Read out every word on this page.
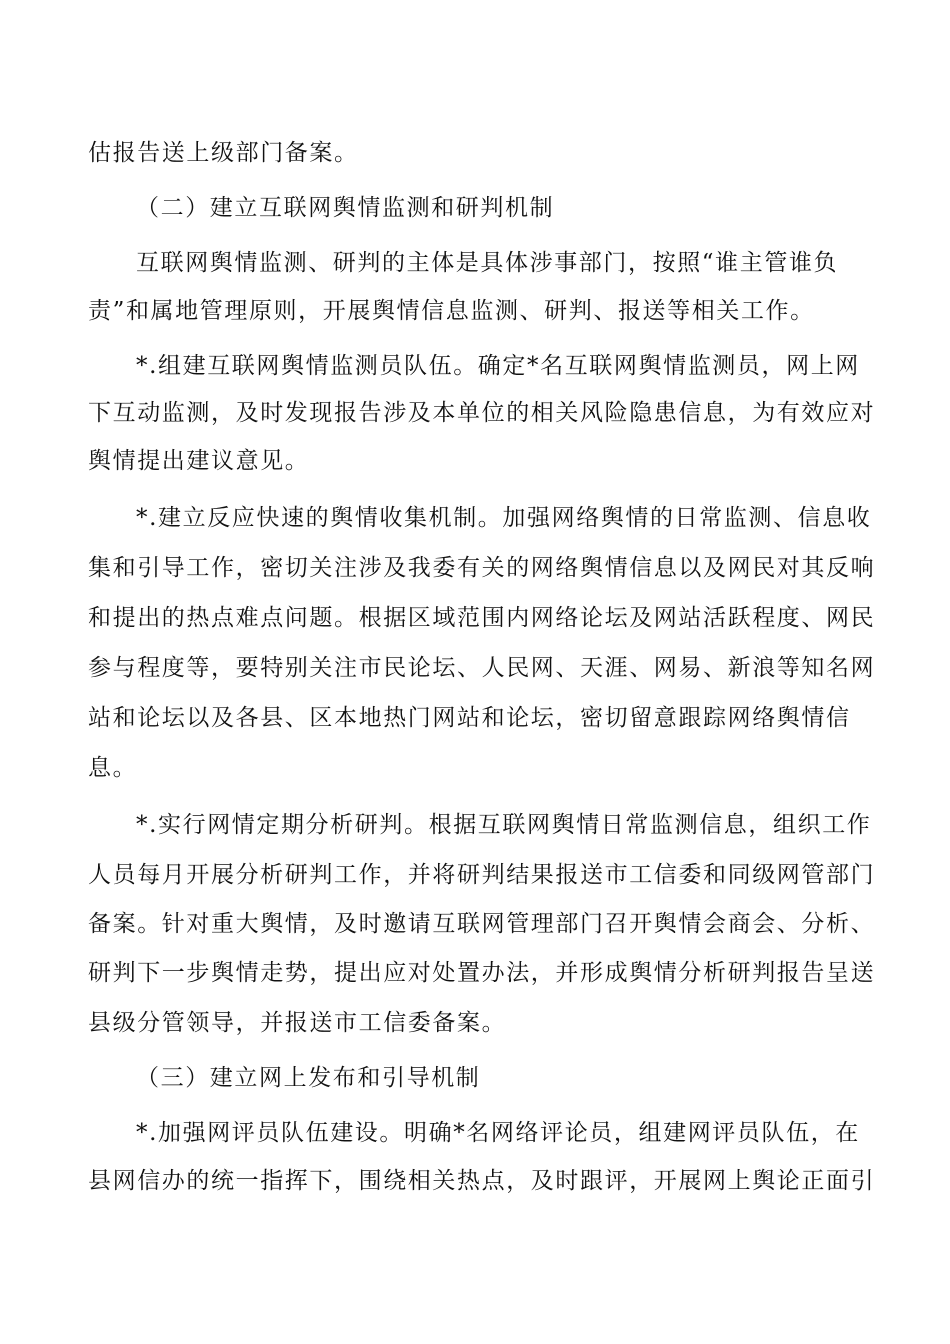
估报告送上级部门备案。
（二）建立互联网舆情监测和研判机制
互联网舆情监测、研判的主体是具体涉事部门，按照“谁主管谁负
责”和属地管理原则，开展舆情信息监测、研判、报送等相关工作。
*.组建互联网舆情监测员队伍。确定*名互联网舆情监测员，网上网
下互动监测，及时发现报告涉及本单位的相关风险隐患信息，为有效应对
舆情提出建议意见。
*.建立反应快速的舆情收集机制。加强网络舆情的日常监测、信息收
集和引导工作，密切关注涉及我委有关的网络舆情信息以及网民对其反响
和提出的热点难点问题。根据区域范围内网络论坛及网站活跃程度、网民
参与程度等，要特别关注市民论坛、人民网、天涯、网易、新浪等知名网
站和论坛以及各县、区本地热门网站和论坛，密切留意跟踪网络舆情信
息。
*.实行网情定期分析研判。根据互联网舆情日常监测信息，组织工作
人员每月开展分析研判工作，并将研判结果报送市工信委和同级网管部门
备案。针对重大舆情，及时邀请互联网管理部门召开舆情会商会、分析、
研判下一步舆情走势，提出应对处置办法，并形成舆情分析研判报告呈送
县级分管领导，并报送市工信委备案。
（三）建立网上发布和引导机制
*.加强网评员队伍建设。明确*名网络评论员，组建网评员队伍，在
县网信办的统一指挥下，围绕相关热点，及时跟评，开展网上舆论正面引
